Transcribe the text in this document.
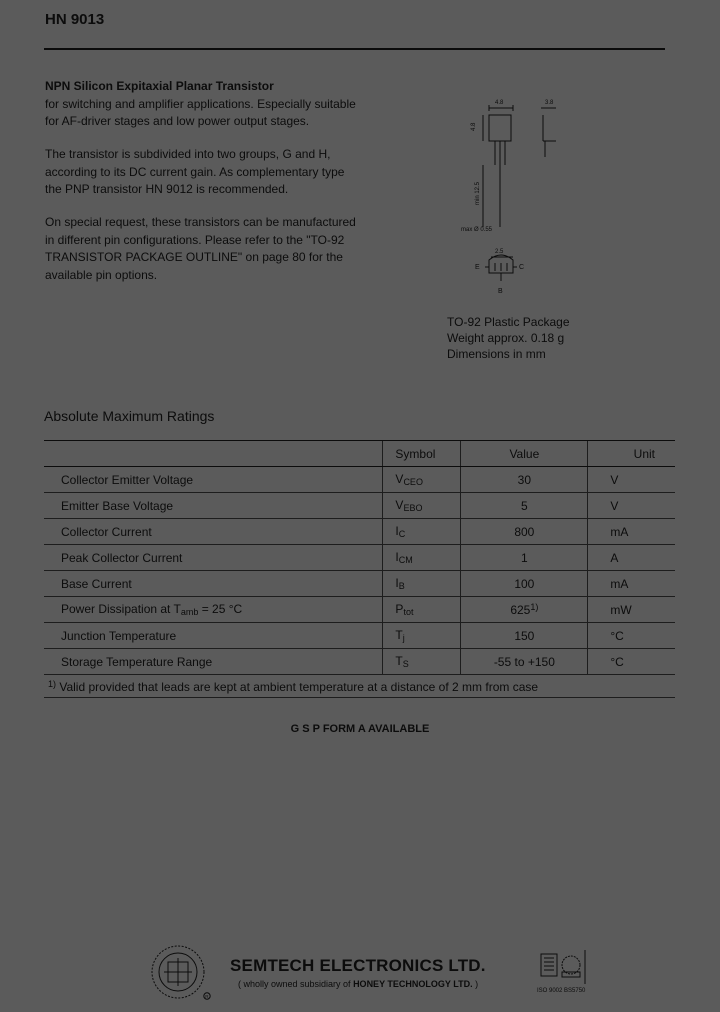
HN 9013
NPN Silicon Expitaxial Planar Transistor
for switching and amplifier applications. Especially suitable
for AF-driver stages and low power output stages.
The transistor is subdivided into two groups, G and H,
according to its DC current gain. As complementary type
the PNP transistor HN 9012 is recommended.
On special request, these transistors can be manufactured
in different pin configurations. Please refer to the "TO-92
TRANSISTOR PACKAGE OUTLINE" on page 80 for the
available pin options.
4.8	3.8
4.8
min 12.5
max Ø 0.55
2.5
E	C
B
TO-92 Plastic Package
Weight approx. 0.18 g
Dimensions in mm
Absolute Maximum Ratings
	Symbol	Value	Unit
Collector Emitter Voltage	$V_{CEO}$	30	V
Emitter Base Voltage	$V_{EBO}$	5	V
Collector Current	$I_C$	800	mA
Peak Collector Current	$I_{CM}$	1	A
Base Current	$I_B$	100	mA
Power Dissipation at $T_{amb} = 25$ °C	$P_{tot}$	625$^{1)}$	mW
Junction Temperature	$T_j$	150	°C
Storage Temperature Range	$T_S$	-55 to +150	°C
$^{1)}$ Valid provided that leads are kept at ambient temperature at a distance of 2 mm from case			
G S P FORM A AVAILABLE
R
SEMTECH ELECTRONICS LTD.
( wholly owned subsidiary of HONEY TECHNOLOGY LTD. )
ISO 9002 BS5750
